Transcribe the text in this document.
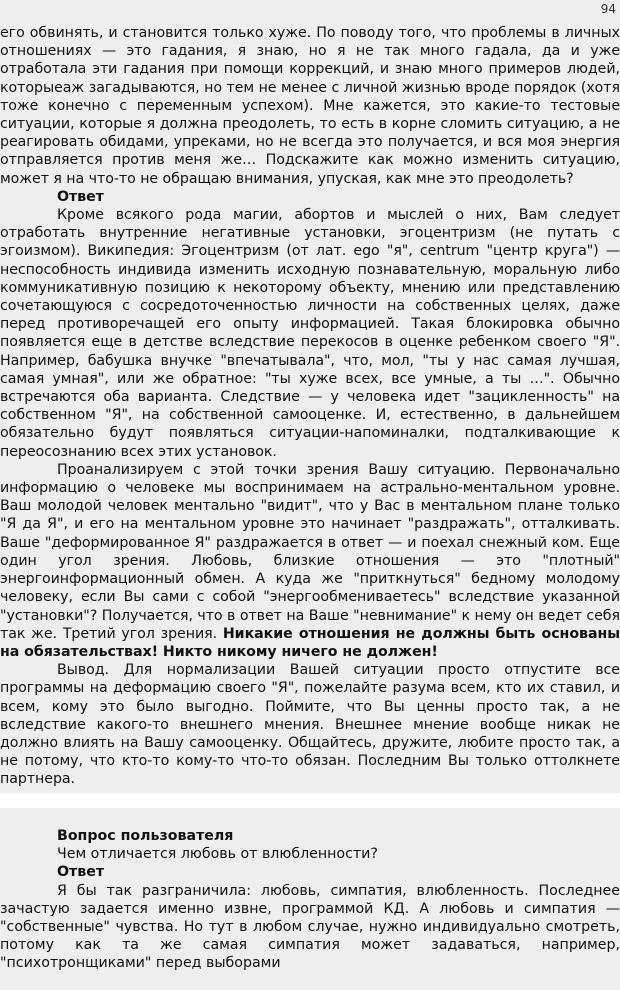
94

его обвинять, и становится только хуже. По поводу того, что проблемы в личных отношениях — это гадания, я знаю, но я не так много гадала, да и уже отработала эти гадания при помощи коррекций, и знаю много примеров людей, которыеаж загадываются, но тем не менее с личной жизнью вроде порядок (хотя тоже конечно с переменным успехом). Мне кажется, это какие-то тестовые ситуации, которые я должна преодолеть, то есть в корне сломить ситуацию, а не реагировать обидами, упреками, но не всегда это получается, и вся моя энергия отправляется против меня же… Подскажите как можно изменить ситуацию, может я на что-то не обращаю внимания, упуская, как мне это преодолеть?

Ответ

Кроме всякого рода магии, абортов и мыслей о них, Вам следует отработать внутренние негативные установки, эгоцентризм (не путать с эгоизмом). Википедия: Эгоцентризм (от лат. ego "я", centrum "центр круга") — неспособность индивида изменить исходную познавательную, моральную либо коммуникативную позицию к некоторому объекту, мнению или представлению сочетающуюся с сосредоточенностью личности на собственных целях, даже перед противоречащей его опыту информацией. Такая блокировка обычно появляется еще в детстве вследствие перекосов в оценке ребенком своего "Я". Например, бабушка внучке "впечатывала", что, мол, "ты у нас самая лучшая, самая умная", или же обратное: "ты хуже всех, все умные, а ты …". Обычно встречаются оба варианта. Следствие — у человека идет "зацикленность" на собственном "Я", на собственной самооценке. И, естественно, в дальнейшем обязательно будут появляться ситуации-напоминалки, подталкивающие к переосознанию всех этих установок.

Проанализируем с этой точки зрения Вашу ситуацию. Первоначально информацию о человеке мы воспринимаем на астрально-ментальном уровне. Ваш молодой человек ментально "видит", что у Вас в ментальном плане только "Я да Я", и его на ментальном уровне это начинает "раздражать", отталкивать. Ваше "деформированное Я" раздражается в ответ — и поехал снежный ком. Еще один угол зрения. Любовь, близкие отношения — это "плотный" энергоинформационный обмен. А куда же "приткнуться" бедному молодому человеку, если Вы сами с собой "энергообмениваетесь" вследствие указанной "установки"? Получается, что в ответ на Ваше "невнимание" к нему он ведет себя так же. Третий угол зрения. Никакие отношения не должны быть основаны на обязательствах! Никто никому ничего не должен!

Вывод. Для нормализации Вашей ситуации просто отпустите все программы на деформацию своего "Я", пожелайте разума всем, кто их ставил, и всем, кому это было выгодно. Поймите, что Вы ценны просто так, а не вследствие какого-то внешнего мнения. Внешнее мнение вообще никак не должно влиять на Вашу самооценку. Общайтесь, дружите, любите просто так, а не потому, что кто-то кому-то что-то обязан. Последним Вы только оттолкнете партнера.

Вопрос пользователя

Чем отличается любовь от влюбленности?

Ответ

Я бы так разграничила: любовь, симпатия, влюбленность. Последнее зачастую задается именно извне, программой КД. А любовь и симпатия — "собственные" чувства. Но тут в любом случае, нужно индивидуально смотреть, потому как та же самая симпатия может задаваться, например, "психотронщиками" перед выборами
